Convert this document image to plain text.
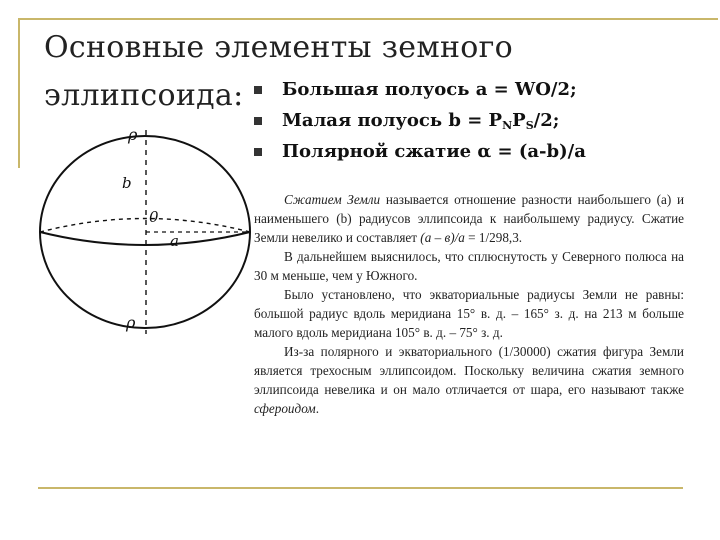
Основные элементы земного
эллипсоида:	Большая полуось a = WO/2;
Малая полуось $b = P_NP_S/2$;
Полярной сжатие α = (a-b)/a
ρ
b
0
a
ρ

Сжатием Земли называется отношение разности наибольшего (a) и наименьшего (b) радиусов эллипсоида к наибольшему радиусу. Сжатие Земли невелико и составляет (a – в)/a = 1/298,3.

В дальнейшем выяснилось, что сплюснутость у Северного полюса на 30 м меньше, чем у Южного.

Было установлено, что экваториальные радиусы Земли не равны: большой радиус вдоль меридиана 15° в. д. – 165° з. д. на 213 м больше малого вдоль меридиана 105° в. д. – 75° з. д.

Из-за полярного и экваториального (1/30000) сжатия фигура Земли является трехосным эллипсоидом. Поскольку величина сжатия земного эллипсоида невелика и он мало отличается от шара, его называют также сфероидом.
